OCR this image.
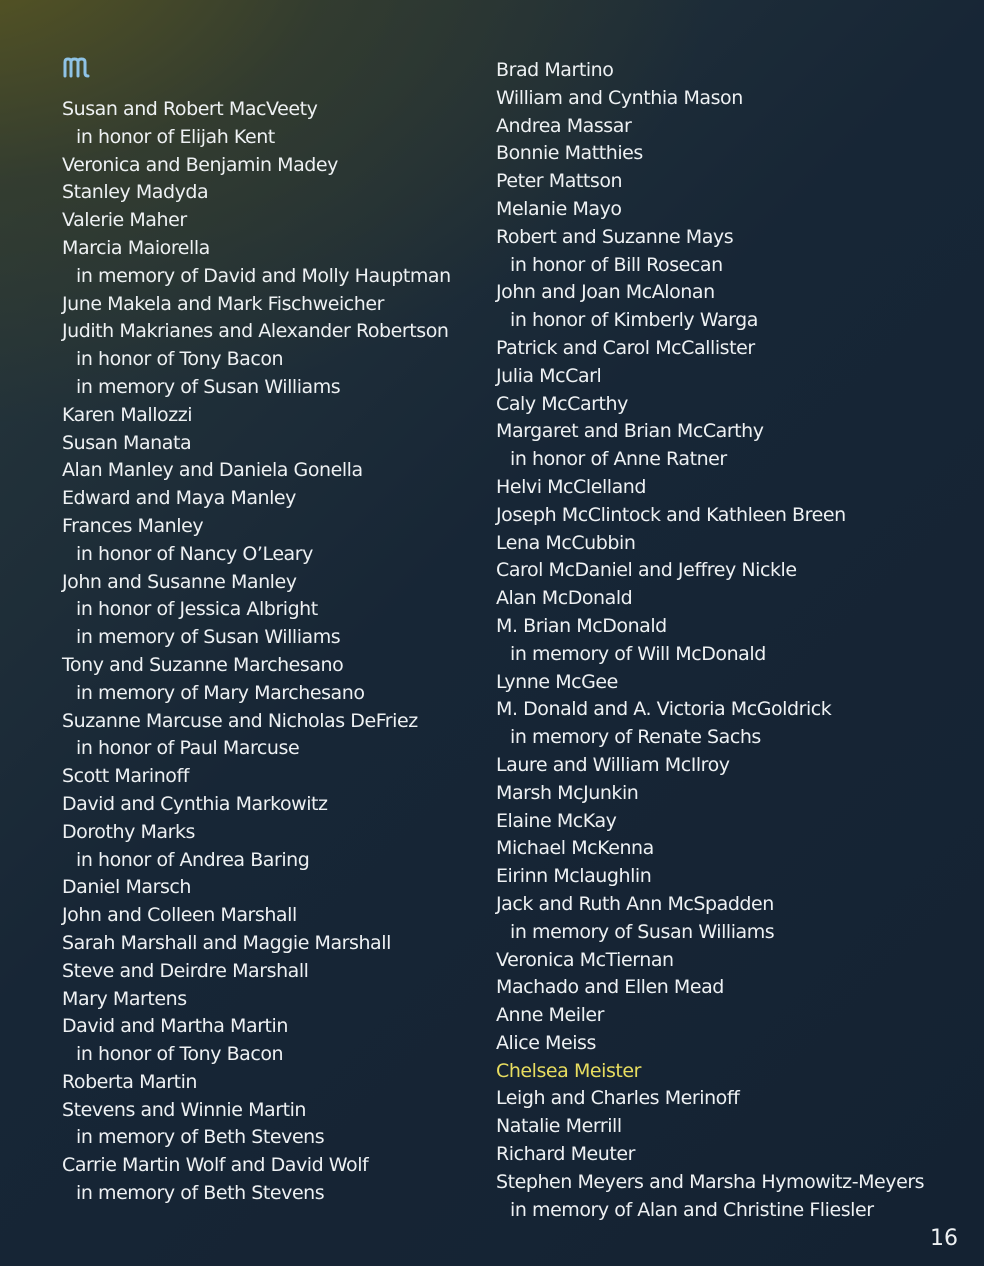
Susan and Robert MacVeety
in honor of Elijah Kent
Veronica and Benjamin Madey
Stanley Madyda
Valerie Maher
Marcia Maiorella
in memory of David and Molly Hauptman
June Makela and Mark Fischweicher
Judith Makrianes and Alexander Robertson
in honor of Tony Bacon
in memory of Susan Williams
Karen Mallozzi
Susan Manata
Alan Manley and Daniela Gonella
Edward and Maya Manley
Frances Manley
in honor of Nancy O’Leary
John and Susanne Manley
in honor of Jessica Albright
in memory of Susan Williams
Tony and Suzanne Marchesano
in memory of Mary Marchesano
Suzanne Marcuse and Nicholas DeFriez
in honor of Paul Marcuse
Scott Marinoff
David and Cynthia Markowitz
Dorothy Marks
in honor of Andrea Baring
Daniel Marsch
John and Colleen Marshall
Sarah Marshall and Maggie Marshall
Steve and Deirdre Marshall
Mary Martens
David and Martha Martin
in honor of Tony Bacon
Roberta Martin
Stevens and Winnie Martin
in memory of Beth Stevens
Carrie Martin Wolf and David Wolf
in memory of Beth Stevens
Brad Martino
William and Cynthia Mason
Andrea Massar
Bonnie Matthies
Peter Mattson
Melanie Mayo
Robert and Suzanne Mays
in honor of Bill Rosecan
John and Joan McAlonan
in honor of Kimberly Warga
Patrick and Carol McCallister
Julia McCarl
Caly McCarthy
Margaret and Brian McCarthy
in honor of Anne Ratner
Helvi McClelland
Joseph McClintock and Kathleen Breen
Lena McCubbin
Carol McDaniel and Jeffrey Nickle
Alan McDonald
M. Brian McDonald
in memory of Will McDonald
Lynne McGee
M. Donald and A. Victoria McGoldrick
in memory of Renate Sachs
Laure and William McIlroy
Marsh McJunkin
Elaine McKay
Michael McKenna
Eirinn Mclaughlin
Jack and Ruth Ann McSpadden
in memory of Susan Williams
Veronica McTiernan
Machado and Ellen Mead
Anne Meiler
Alice Meiss
Chelsea Meister
Leigh and Charles Merinoff
Natalie Merrill
Richard Meuter
Stephen Meyers and Marsha Hymowitz-Meyers
in memory of Alan and Christine Fliesler
16
